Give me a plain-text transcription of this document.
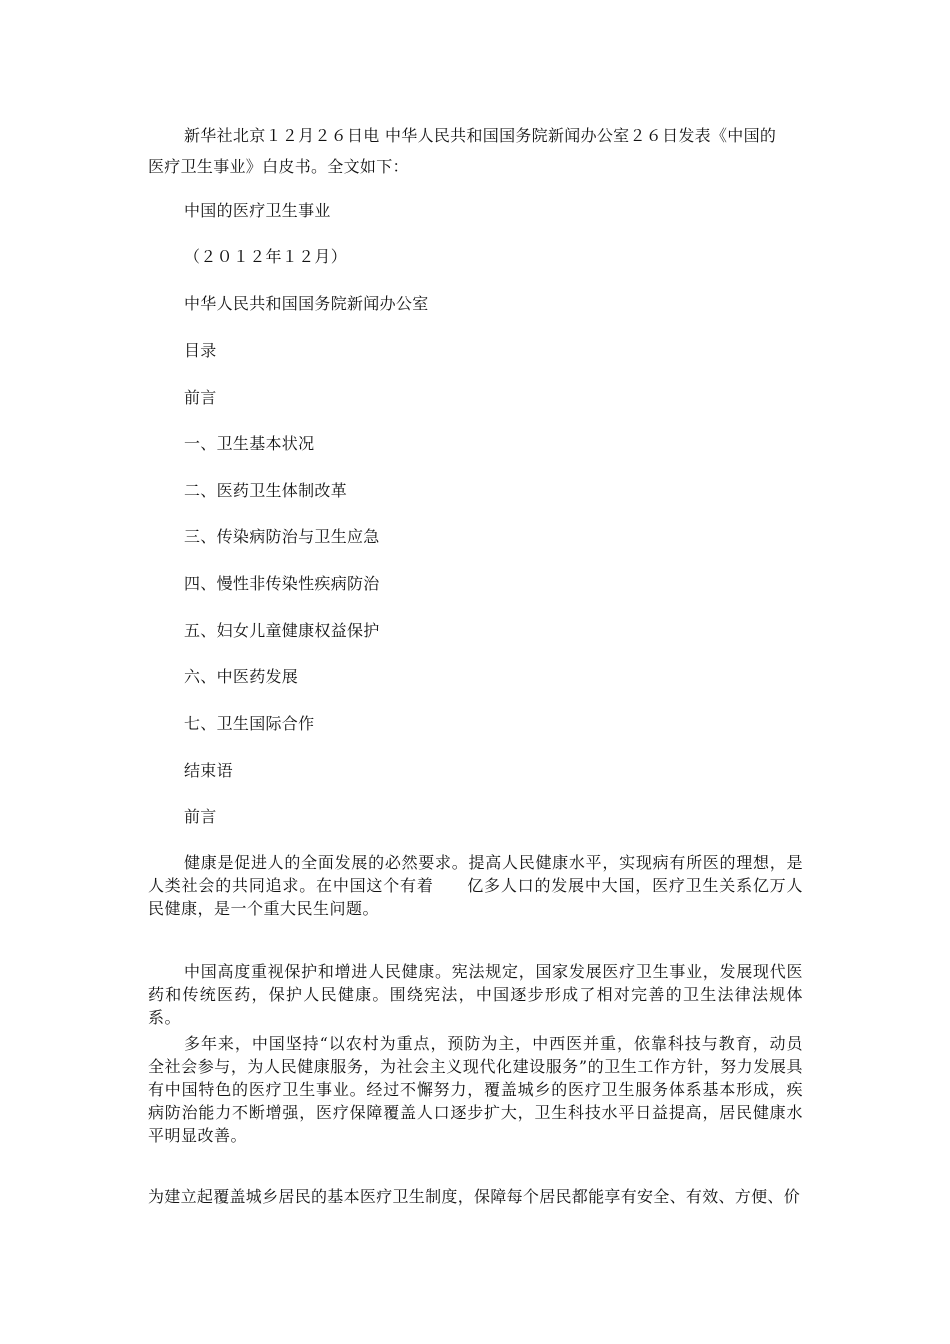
新华社北京１２月２６日电 中华人民共和国国务院新闻办公室２６日发表《中国的
医疗卫生事业》白皮书。全文如下：
中国的医疗卫生事业
（２０１２年１２月）
中华人民共和国国务院新闻办公室
目录
前言
一、卫生基本状况
二、医药卫生体制改革
三、传染病防治与卫生应急
四、慢性非传染性疾病防治
五、妇女儿童健康权益保护
六、中医药发展
七、卫生国际合作
结束语
前言
健康是促进人的全面发展的必然要求。提高人民健康水平，实现病有所医的理想，是人类社会的共同追求。在中国这个有着　　亿多人口的发展中大国，医疗卫生关系亿万人民健康，是一个重大民生问题。
中国高度重视保护和增进人民健康。宪法规定，国家发展医疗卫生事业，发展现代医药和传统医药，保护人民健康。围绕宪法，中国逐步形成了相对完善的卫生法律法规体系。
多年来，中国坚持“以农村为重点，预防为主，中西医并重，依靠科技与教育，动员全社会参与，为人民健康服务，为社会主义现代化建设服务”的卫生工作方针，努力发展具有中国特色的医疗卫生事业。经过不懈努力，覆盖城乡的医疗卫生服务体系基本形成，疾病防治能力不断增强，医疗保障覆盖人口逐步扩大，卫生科技水平日益提高，居民健康水平明显改善。
为建立起覆盖城乡居民的基本医疗卫生制度，保障每个居民都能享有安全、有效、方便、价
